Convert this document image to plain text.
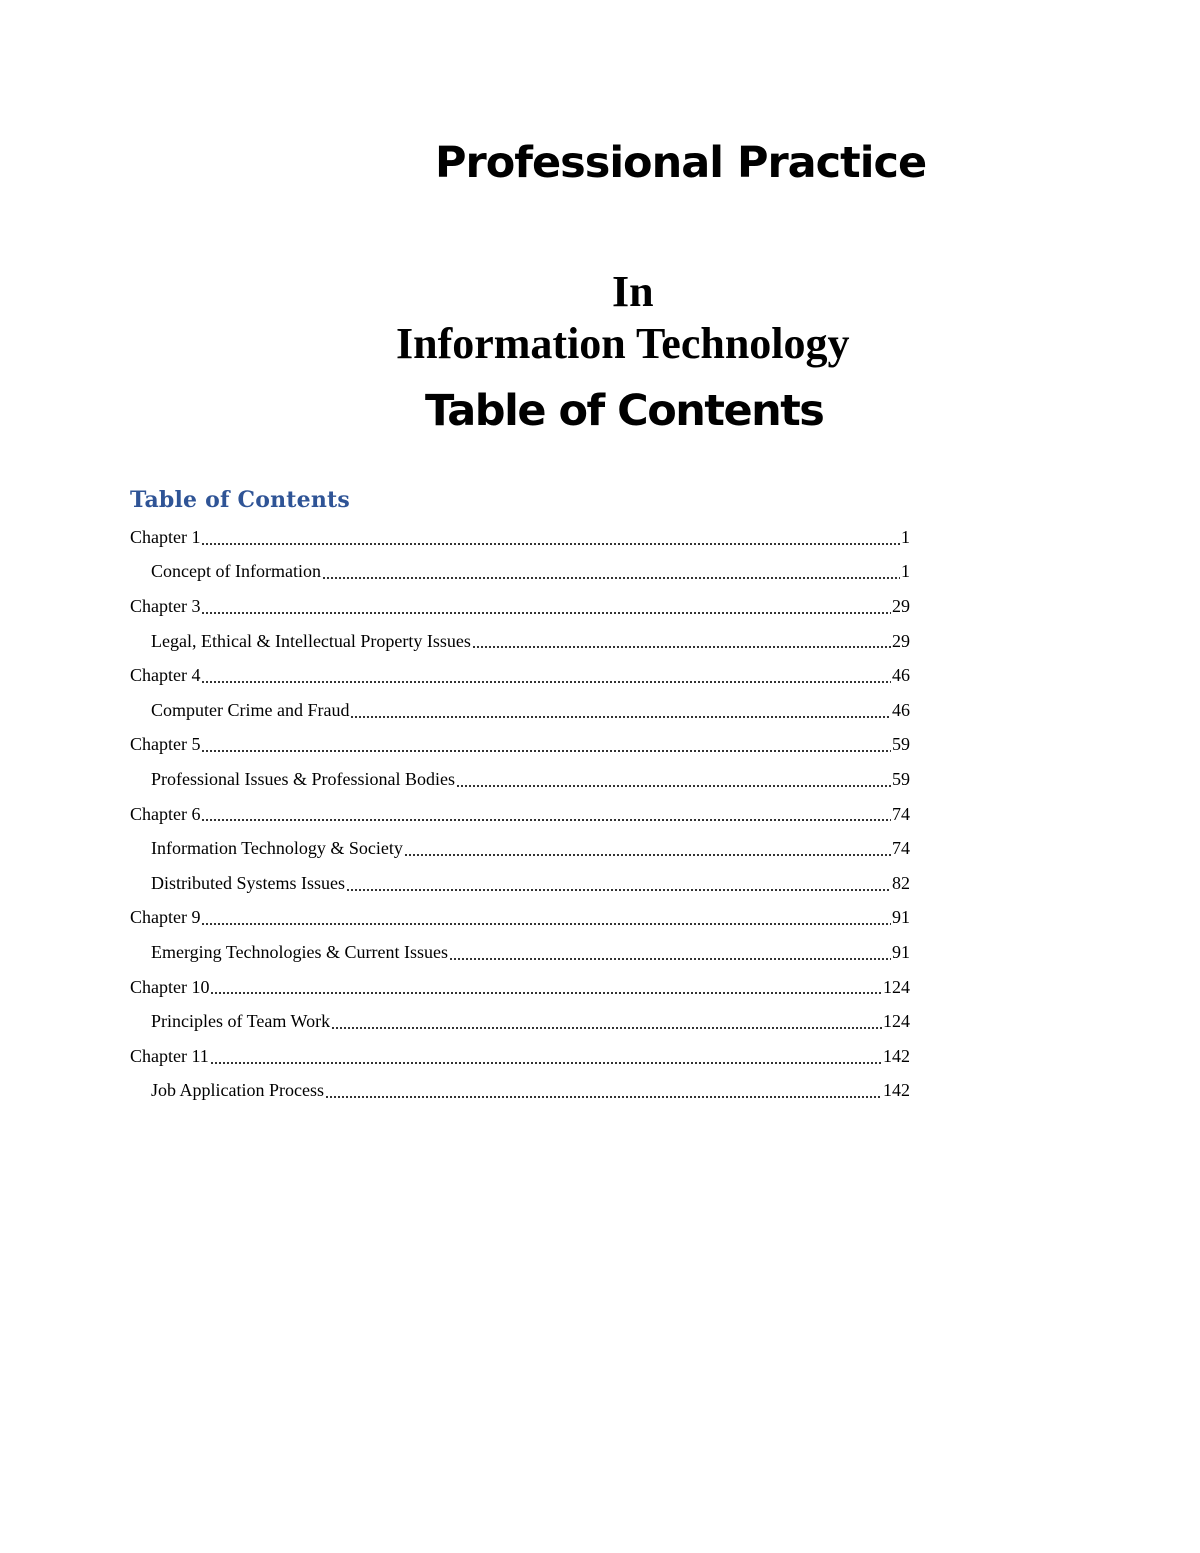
Professional Practice
In
Information Technology
Table of Contents
Table of Contents
Chapter 1	1
Concept of Information	1
Chapter 3	29
Legal, Ethical & Intellectual Property Issues	29
Chapter 4	46
Computer Crime and Fraud	46
Chapter 5	59
Professional Issues & Professional Bodies	59
Chapter 6	74
Information Technology & Society	74
Distributed Systems Issues	82
Chapter 9	91
Emerging Technologies & Current Issues	91
Chapter 10	124
Principles of Team Work	124
Chapter 11	142
Job Application Process	142
